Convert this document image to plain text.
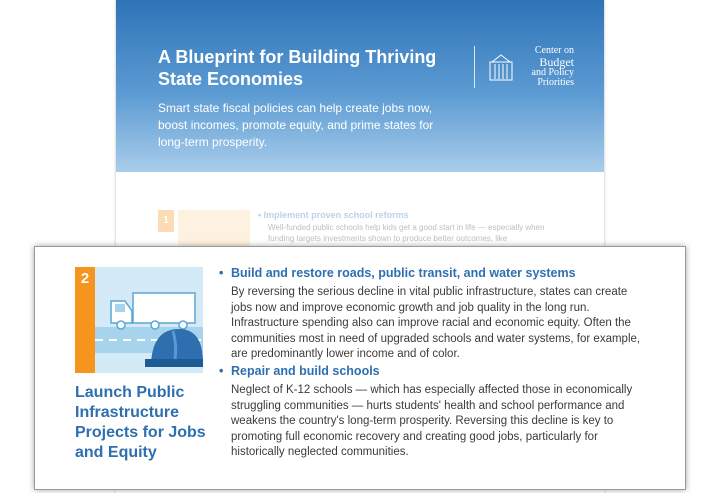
A Blueprint for Building Thriving State Economies
Center on
Budget
and Policy
Priorities
Smart state fiscal policies can help create jobs now, boost incomes, promote equity, and prime states for long-term prosperity.
1	• Implement proven school reforms
Well-funded public schools help kids get a good start in life — especially when funding targets investments shown to produce better outcomes, like
2
Launch Public Infrastructure Projects for Jobs and Equity
• Build and restore roads, public transit, and water systems
By reversing the serious decline in vital public infrastructure, states can create jobs now and improve economic growth and job quality in the long run. Infrastructure spending also can improve racial and economic equity. Often the communities most in need of upgraded schools and water systems, for example, are predominantly lower income and of color.
• Repair and build schools
Neglect of K-12 schools — which has especially affected those in economically struggling communities — hurts students' health and school performance and weakens the country's long-term prosperity. Reversing this decline is key to promoting full economic recovery and creating good jobs, particularly for historically neglected communities.
